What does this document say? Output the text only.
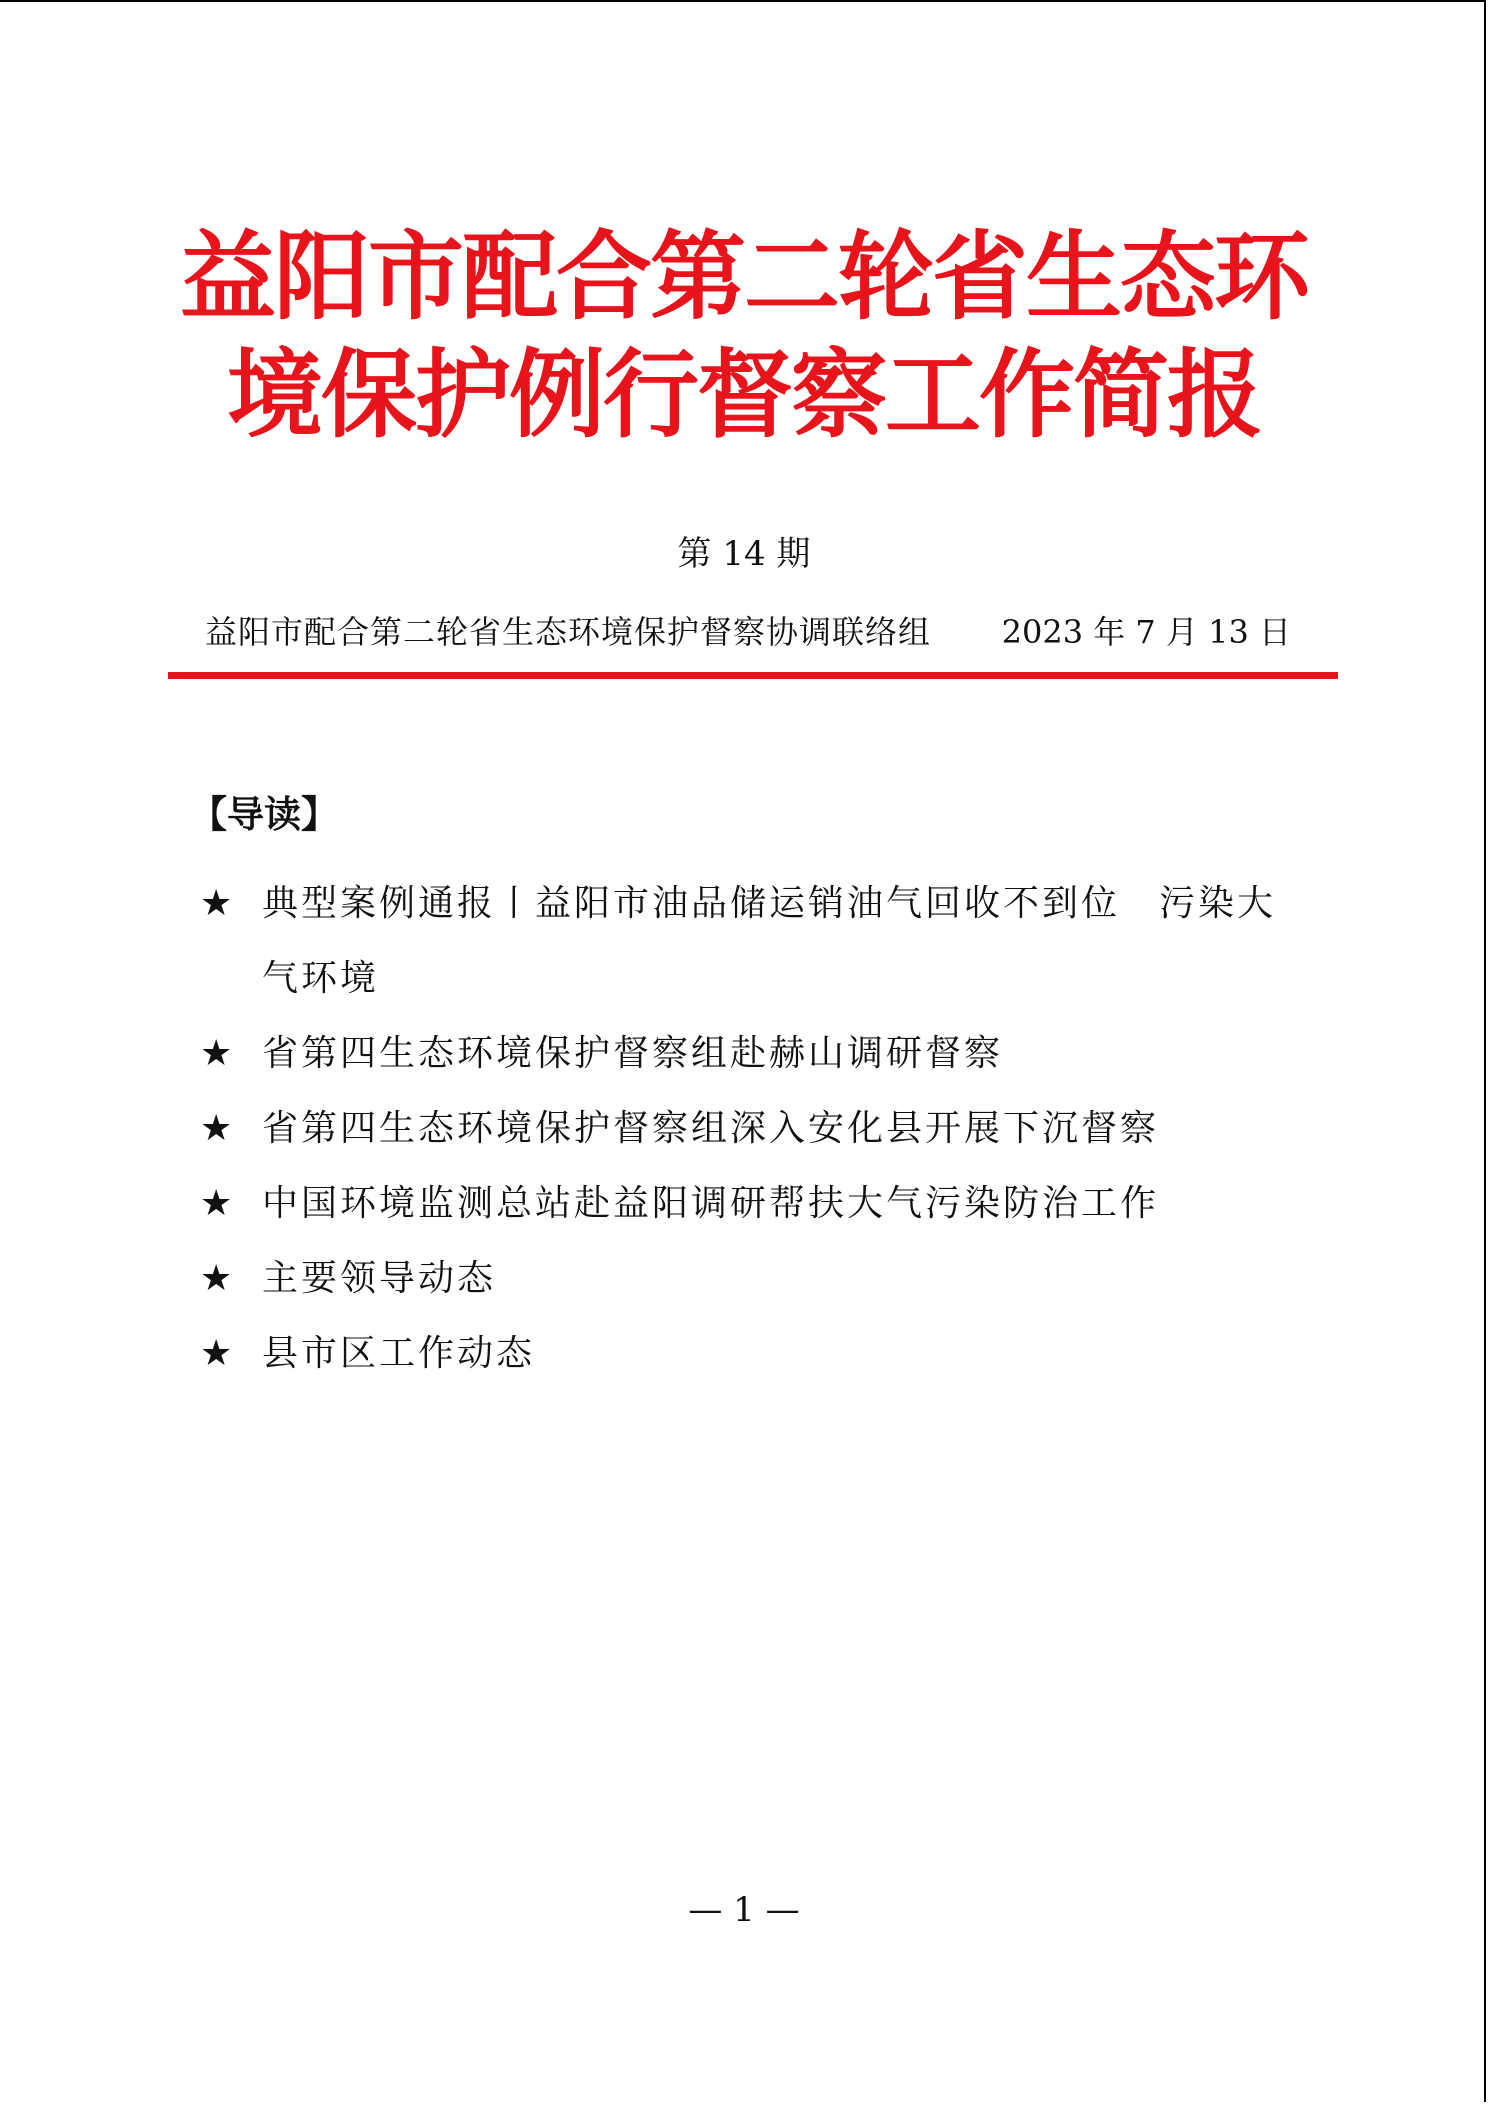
益阳市配合第二轮省生态环
境保护例行督察工作简报
第 14 期
益阳市配合第二轮省生态环境保护督察协调联络组 2023 年 7 月 13 日
【导读】
★ 典型案例通报丨益阳市油品储运销油气回收不到位　污染大气环境
★ 省第四生态环境保护督察组赴赫山调研督察
★ 省第四生态环境保护督察组深入安化县开展下沉督察
★ 中国环境监测总站赴益阳调研帮扶大气污染防治工作
★ 主要领导动态
★ 县市区工作动态
— 1 —
